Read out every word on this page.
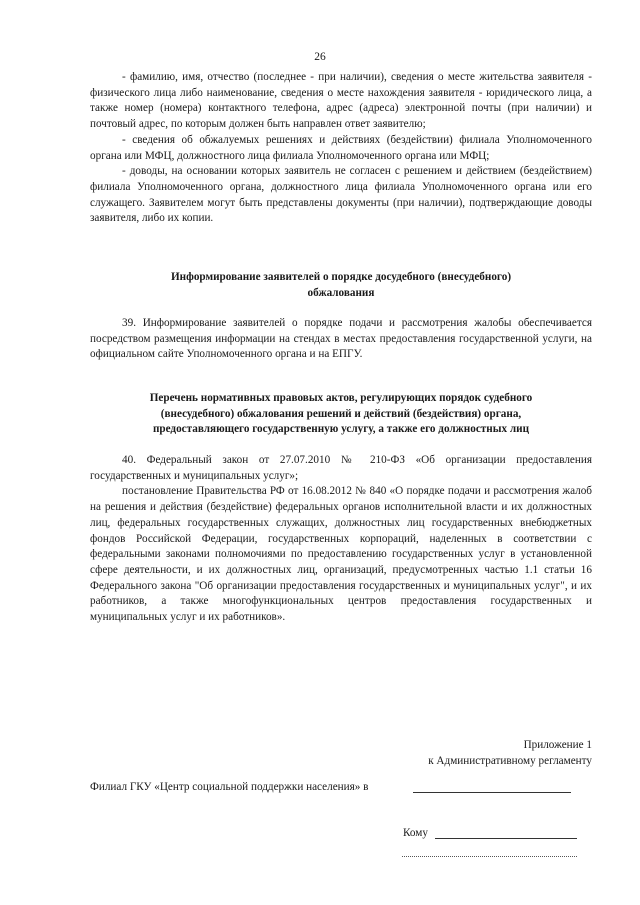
26

- фамилию, имя, отчество (последнее - при наличии), сведения о месте жительства заявителя - физического лица либо наименование, сведения о месте нахождения заявителя - юридического лица, а также номер (номера) контактного телефона, адрес (адреса) электронной почты (при наличии) и почтовый адрес, по которым должен быть направлен ответ заявителю;

- сведения об обжалуемых решениях и действиях (бездействии) филиала Уполномоченного органа или МФЦ, должностного лица филиала Уполномоченного органа или МФЦ;

- доводы, на основании которых заявитель не согласен с решением и действием (бездействием) филиала Уполномоченного органа, должностного лица филиала Уполномоченного органа или его служащего. Заявителем могут быть представлены документы (при наличии), подтверждающие доводы заявителя, либо их копии.

Информирование заявителей о порядке досудебного (внесудебного)
обжалования

39. Информирование заявителей о порядке подачи и рассмотрения жалобы обеспечивается посредством размещения информации на стендах в местах предоставления государственной услуги, на официальном сайте Уполномоченного органа и на ЕПГУ.

Перечень нормативных правовых актов, регулирующих порядок судебного
(внесудебного) обжалования решений и действий (бездействия) органа,
предоставляющего государственную услугу, а также его должностных лиц

40. Федеральный закон от 27.07.2010 № 210-ФЗ «Об организации предоставления государственных и муниципальных услуг»;

постановление Правительства РФ от 16.08.2012 № 840 «О порядке подачи и рассмотрения жалоб на решения и действия (бездействие) федеральных органов исполнительной власти и их должностных лиц, федеральных государственных служащих, должностных лиц государственных внебюджетных фондов Российской Федерации, государственных корпораций, наделенных в соответствии с федеральными законами полномочиями по предоставлению государственных услуг в установленной сфере деятельности, и их должностных лиц, организаций, предусмотренных частью 1.1 статьи 16 Федерального закона "Об организации предоставления государственных и муниципальных услуг", и их работников, а также многофункциональных центров предоставления государственных и муниципальных услуг и их работников».

Приложение 1
к Административному регламенту
Филиал ГКУ «Центр социальной поддержки населения» в
Кому
